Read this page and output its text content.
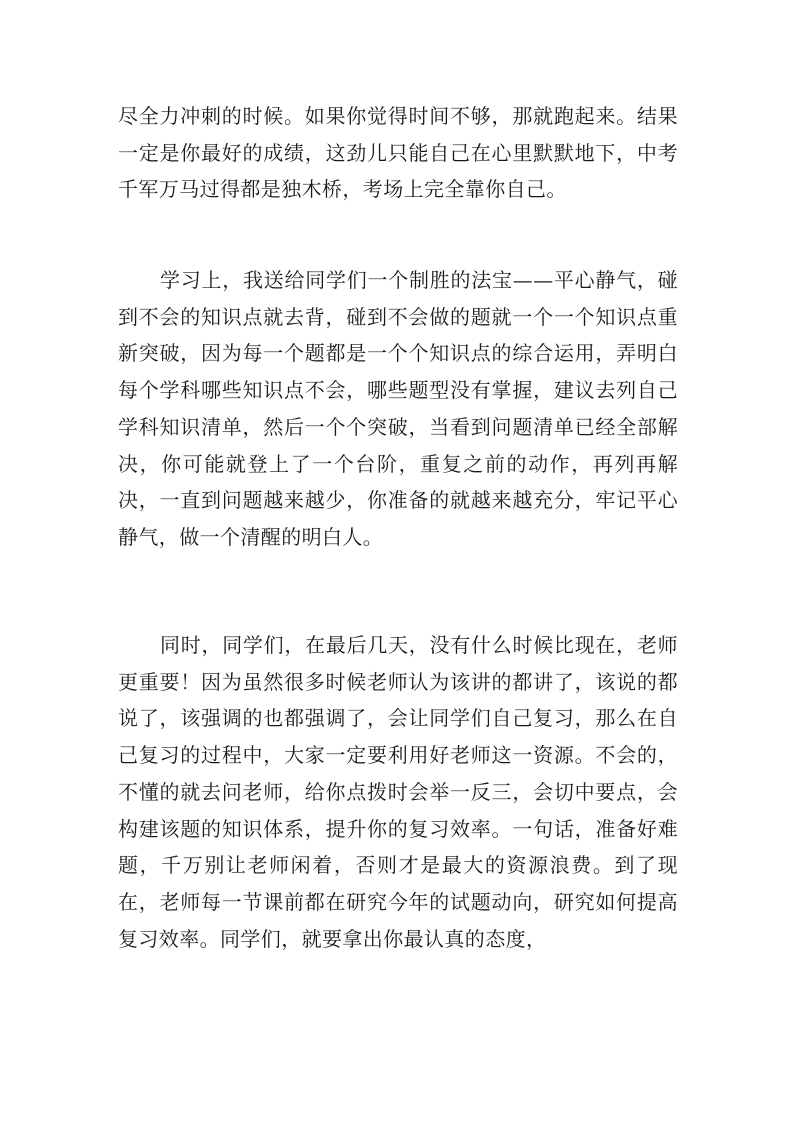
尽全力冲刺的时候。如果你觉得时间不够，那就跑起来。结果一定是你最好的成绩，这劲儿只能自己在心里默默地下，中考千军万马过得都是独木桥，考场上完全靠你自己。

学习上，我送给同学们一个制胜的法宝——平心静气，碰到不会的知识点就去背，碰到不会做的题就一个一个知识点重新突破，因为每一个题都是一个个知识点的综合运用，弄明白每个学科哪些知识点不会，哪些题型没有掌握，建议去列自己学科知识清单，然后一个个突破，当看到问题清单已经全部解决，你可能就登上了一个台阶，重复之前的动作，再列再解决，一直到问题越来越少，你准备的就越来越充分，牢记平心静气，做一个清醒的明白人。

同时，同学们，在最后几天，没有什么时候比现在，老师更重要！因为虽然很多时候老师认为该讲的都讲了，该说的都说了，该强调的也都强调了，会让同学们自己复习，那么在自己复习的过程中，大家一定要利用好老师这一资源。不会的，不懂的就去问老师，给你点拨时会举一反三，会切中要点，会构建该题的知识体系，提升你的复习效率。一句话，准备好难题，千万别让老师闲着，否则才是最大的资源浪费。到了现在，老师每一节课前都在研究今年的试题动向，研究如何提高复习效率。同学们，就要拿出你最认真的态度，
